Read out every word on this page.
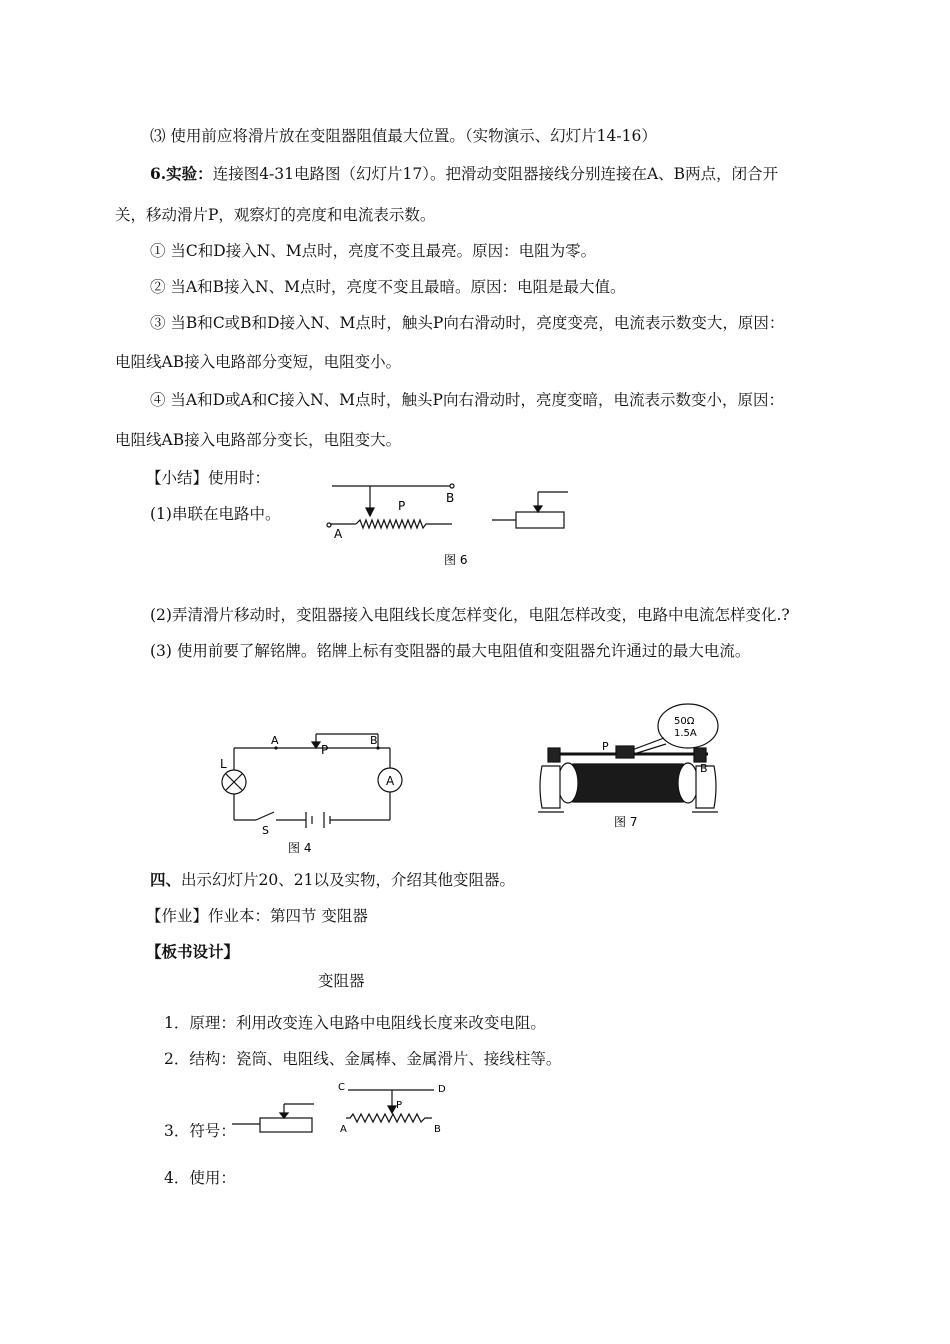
⑶ 使用前应将滑片放在变阻器阻值最大位置。（实物演示、幻灯片14-16）
6.实验：连接图4-31电路图（幻灯片17）。把滑动变阻器接线分别连接在A、B两点，闭合开
关，移动滑片P，观察灯的亮度和电流表示数。
① 当C和D接入N、M点时，亮度不变且最亮。原因：电阻为零。
② 当A和B接入N、M点时，亮度不变且最暗。原因：电阻是最大值。
③ 当B和C或B和D接入N、M点时，触头P向右滑动时，亮度变亮，电流表示数变大，原因：
电阻线AB接入电路部分变短，电阻变小。
④ 当A和D或A和C接入N、M点时，触头P向右滑动时，亮度变暗，电流表示数变小，原因：
电阻线AB接入电路部分变长，电阻变大。
【小结】使用时：
(1)串联在电路中。
B
A
P
图 6
(2)弄清滑片移动时，变阻器接入电阻线长度怎样变化，电阻怎样改变，电路中电流怎样变化.?
(3) 使用前要了解铭牌。铭牌上标有变阻器的最大电阻值和变阻器允许通过的最大电流。
L
A
P
B
A
S
图 4
50Ω
1.5A
P
B
图 7
四、出示幻灯片20、21以及实物，介绍其他变阻器。
【作业】作业本：第四节 变阻器
【板书设计】
变阻器
1．原理：利用改变连入电路中电阻线长度来改变电阻。
2．结构：瓷筒、电阻线、金属棒、金属滑片、接线柱等。
3．符号：
C	D
P
A	B
4．使用：
